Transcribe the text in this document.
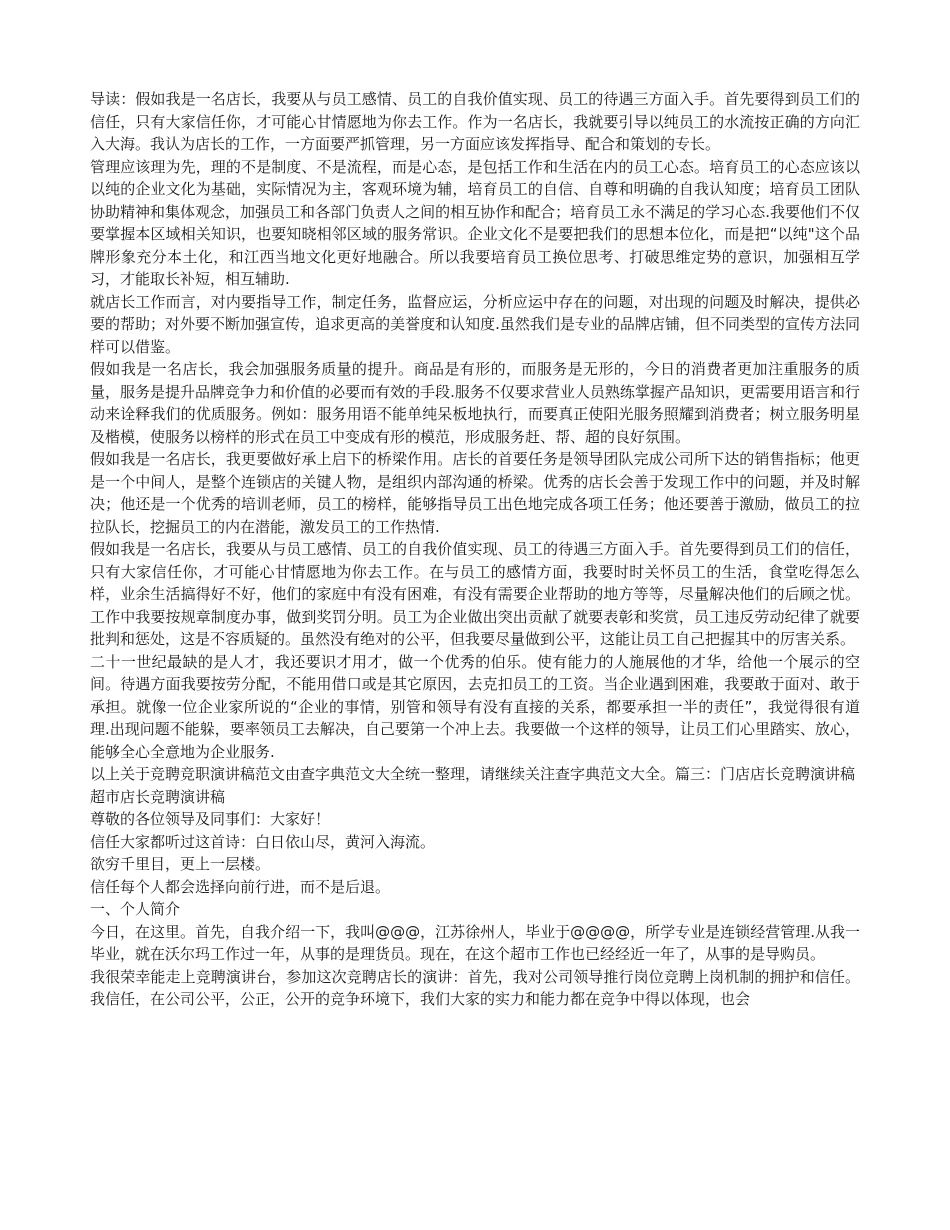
导读：假如我是一名店长，我要从与员工感情、员工的自我价值实现、员工的待遇三方面入手。首先要得到员工们的信任，只有大家信任你，才可能心甘情愿地为你去工作。作为一名店长，我就要引导以纯员工的水流按正确的方向汇入大海。我认为店长的工作，一方面要严抓管理，另一方面应该发挥指导、配合和策划的专长。

管理应该理为先，理的不是制度、不是流程，而是心态，是包括工作和生活在内的员工心态。培育员工的心态应该以以纯的企业文化为基础，实际情况为主，客观环境为辅，培育员工的自信、自尊和明确的自我认知度；培育员工团队协助精神和集体观念，加强员工和各部门负责人之间的相互协作和配合；培育员工永不满足的学习心态.我要他们不仅要掌握本区域相关知识，也要知晓相邻区域的服务常识。企业文化不是要把我们的思想本位化，而是把“以纯"这个品牌形象充分本土化，和江西当地文化更好地融合。所以我要培育员工换位思考、打破思维定势的意识，加强相互学习，才能取长补短，相互辅助.

就店长工作而言，对内要指导工作，制定任务，监督应运，分析应运中存在的问题，对出现的问题及时解决，提供必要的帮助；对外要不断加强宣传，追求更高的美誉度和认知度.虽然我们是专业的品牌店铺，但不同类型的宣传方法同样可以借鉴。

假如我是一名店长，我会加强服务质量的提升。商品是有形的，而服务是无形的，今日的消费者更加注重服务的质量，服务是提升品牌竞争力和价值的必要而有效的手段.服务不仅要求营业人员熟练掌握产品知识，更需要用语言和行动来诠释我们的优质服务。例如：服务用语不能单纯呆板地执行，而要真正使阳光服务照耀到消费者；树立服务明星及楷模，使服务以榜样的形式在员工中变成有形的模范，形成服务赶、帮、超的良好氛围。

假如我是一名店长，我更要做好承上启下的桥梁作用。店长的首要任务是领导团队完成公司所下达的销售指标；他更是一个中间人，是整个连锁店的关键人物，是组织内部沟通的桥梁。优秀的店长会善于发现工作中的问题，并及时解决；他还是一个优秀的培训老师，员工的榜样，能够指导员工出色地完成各项工任务；他还要善于激励，做员工的拉拉队长，挖掘员工的内在潜能，激发员工的工作热情.

假如我是一名店长，我要从与员工感情、员工的自我价值实现、员工的待遇三方面入手。首先要得到员工们的信任，只有大家信任你，才可能心甘情愿地为你去工作。在与员工的感情方面，我要时时关怀员工的生活，食堂吃得怎么样，业余生活搞得好不好，他们的家庭中有没有困难，有没有需要企业帮助的地方等等，尽量解决他们的后顾之忧。工作中我要按规章制度办事，做到奖罚分明。员工为企业做出突出贡献了就要表彰和奖赏，员工违反劳动纪律了就要批判和惩处，这是不容质疑的。虽然没有绝对的公平，但我要尽量做到公平，这能让员工自己把握其中的厉害关系。

二十一世纪最缺的是人才，我还要识才用才，做一个优秀的伯乐。使有能力的人施展他的才华，给他一个展示的空间。待遇方面我要按劳分配，不能用借口或是其它原因，去克扣员工的工资。当企业遇到困难，我要敢于面对、敢于承担。就像一位企业家所说的“企业的事情，别管和领导有没有直接的关系，都要承担一半的责任”，我觉得很有道理.出现问题不能躲，要率领员工去解决，自己要第一个冲上去。我要做一个这样的领导，让员工们心里踏实、放心，能够全心全意地为企业服务.

以上关于竞聘竞职演讲稿范文由查字典范文大全统一整理，请继续关注查字典范文大全。篇三：门店店长竞聘演讲稿

超市店长竞聘演讲稿

尊敬的各位领导及同事们：大家好！

信任大家都听过这首诗：白日依山尽，黄河入海流。

欲穷千里目，更上一层楼。

信任每个人都会选择向前行进，而不是后退。

一、个人简介

今日，在这里。首先，自我介绍一下，我叫@@@，江苏徐州人，毕业于@@@@，所学专业是连锁经营管理.从我一毕业，就在沃尔玛工作过一年，从事的是理货员。现在，在这个超市工作也已经经近一年了，从事的是导购员。

我很荣幸能走上竞聘演讲台，参加这次竞聘店长的演讲：首先，我对公司领导推行岗位竞聘上岗机制的拥护和信任。我信任，在公司公平，公正，公开的竞争环境下，我们大家的实力和能力都在竞争中得以体现，也会
